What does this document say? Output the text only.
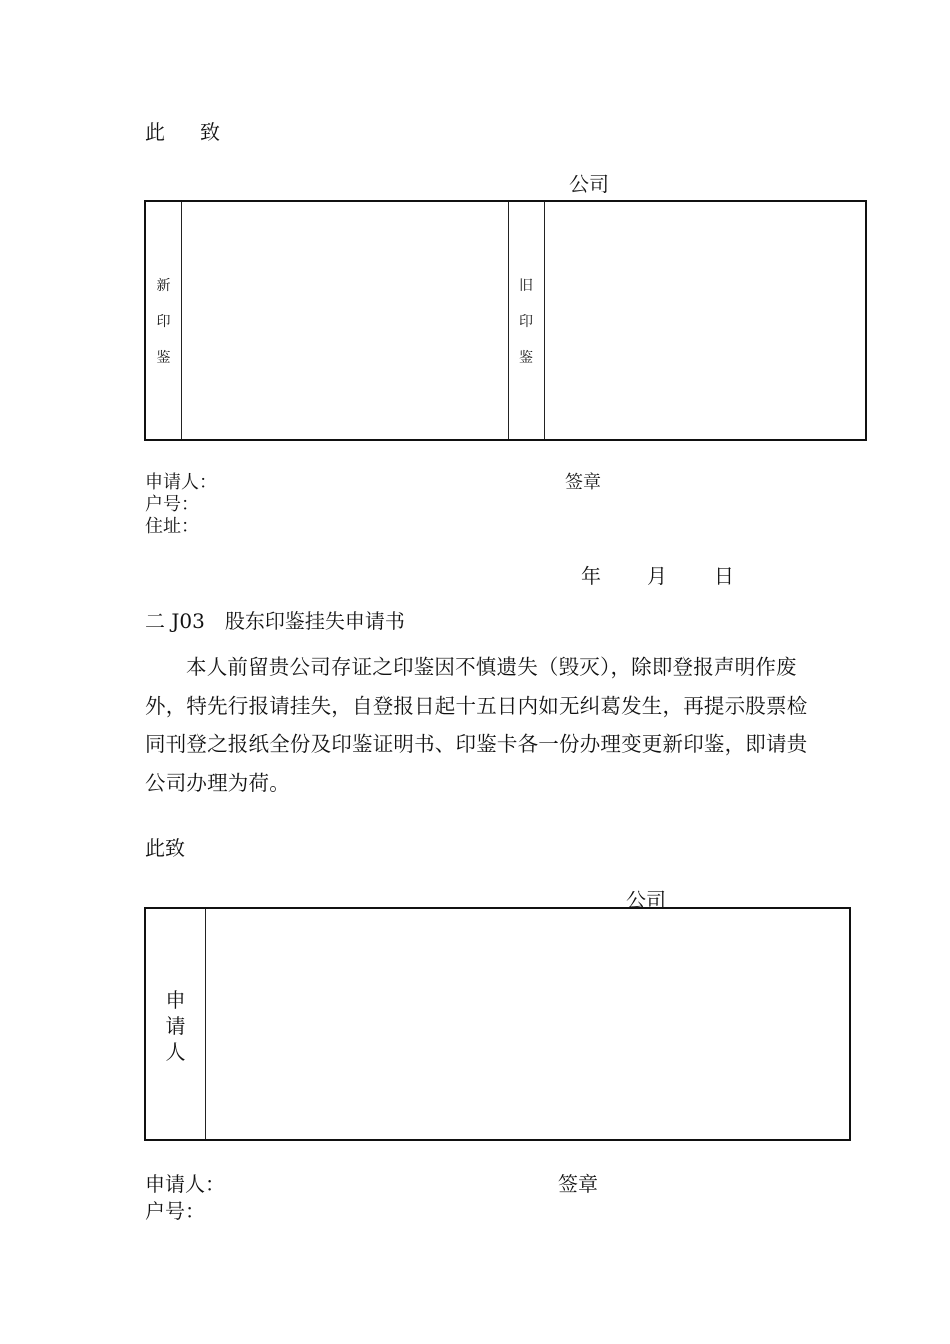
此 致
公司
新
印
鉴
旧
印
鉴
申请人：	签章
户号：
住址：
年 月 日
二 J03　股东印鉴挂失申请书
本人前留贵公司存证之印鉴因不慎遗失（毁灭），除即登报声明作废外，特先行报请挂失，自登报日起十五日内如无纠葛发生，再提示股票检同刊登之报纸全份及印鉴证明书、印鉴卡各一份办理变更新印鉴，即请贵公司办理为荷。
此致
公司
申
请
人
申请人：	签章
户号：
